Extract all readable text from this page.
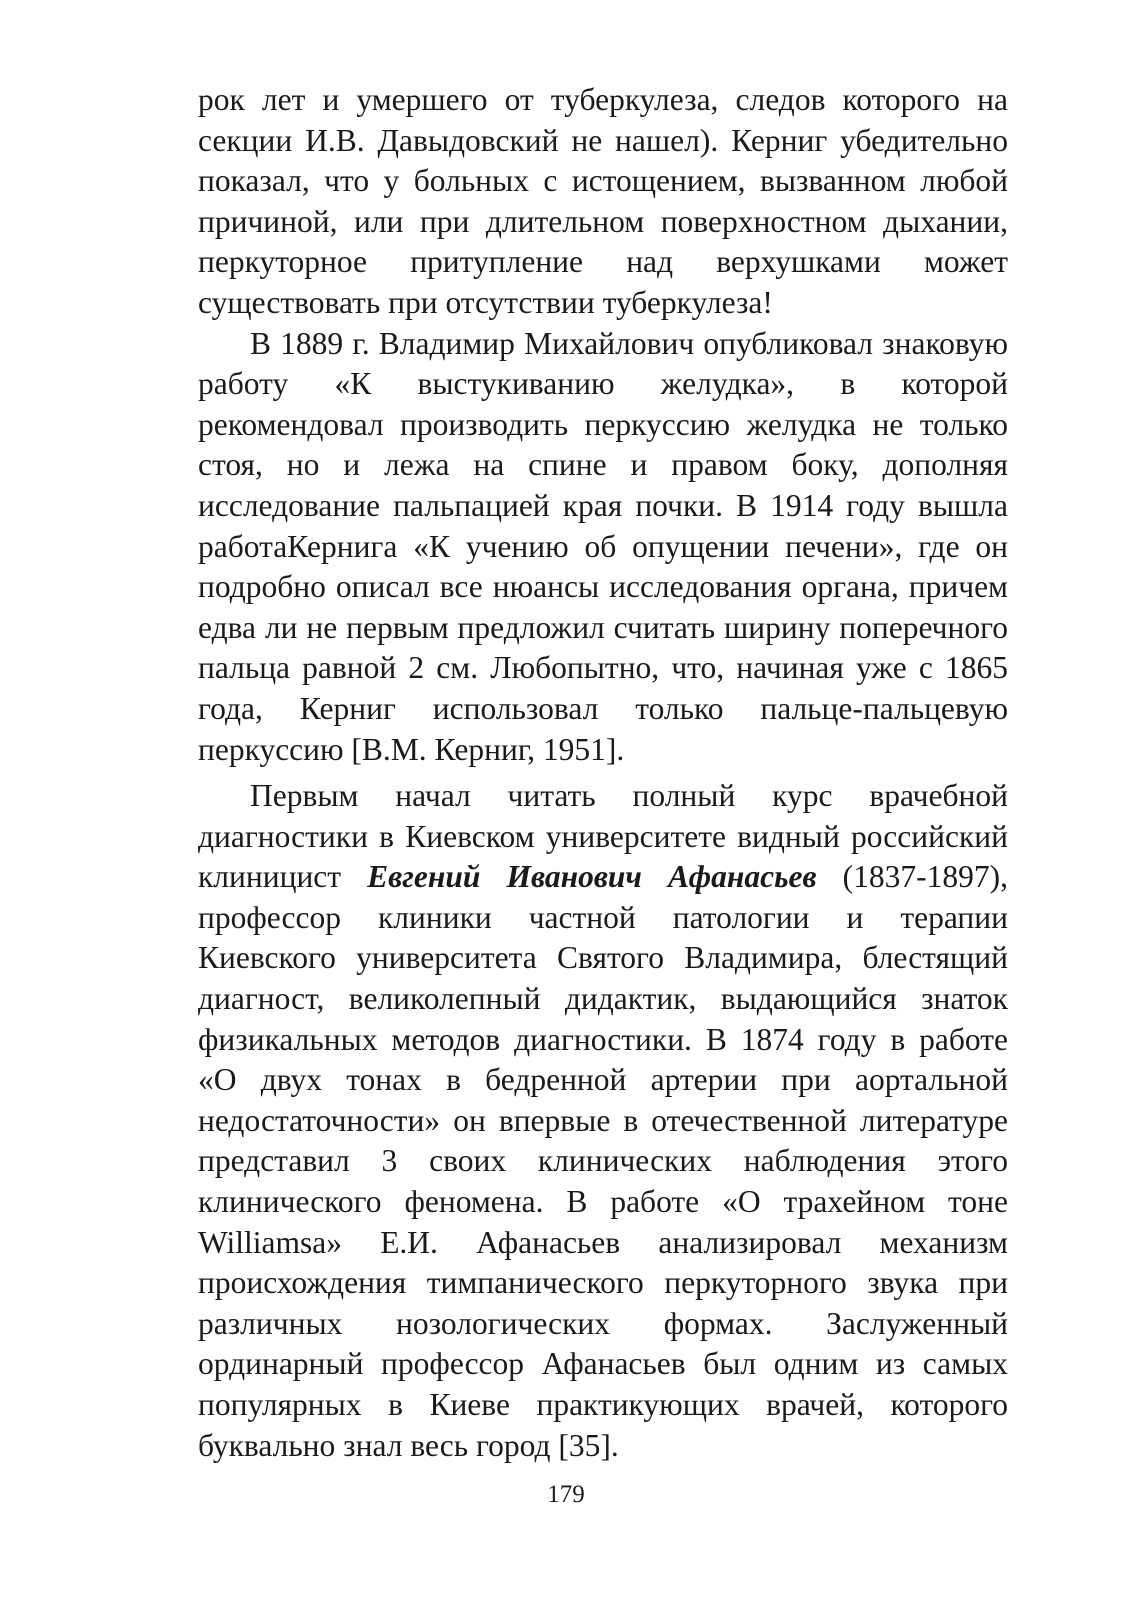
рок лет и умершего от туберкулеза, следов которого на секции И.В. Давыдовский не нашел). Керниг убедительно показал, что у больных с истощением, вызванном любой причиной, или при длительном поверхностном дыхании, перкуторное притупление над верхушками может существовать при отсутствии туберкулеза!

В 1889 г. Владимир Михайлович опубликовал знаковую работу «К выстукиванию желудка», в которой рекомендовал производить перкуссию желудка не только стоя, но и лежа на спине и правом боку, дополняя исследование пальпацией края почки. В 1914 году вышла работаКернига «К учению об опущении печени», где он подробно описал все нюансы исследования органа, причем едва ли не первым предложил считать ширину поперечного пальца равной 2 см. Любопытно, что, начиная уже с 1865 года, Керниг использовал только пальце-пальцевую перкуссию [В.М. Керниг, 1951].

Первым начал читать полный курс врачебной диагностики в Киевском университете видный российский клиницист Евгений Иванович Афанасьев (1837-1897), профессор клиники частной патологии и терапии Киевского университета Святого Владимира, блестящий диагност, великолепный дидактик, выдающийся знаток физикальных методов диагностики. В 1874 году в работе «О двух тонах в бедренной артерии при аортальной недостаточности» он впервые в отечественной литературе представил 3 своих клинических наблюдения этого клинического феномена. В работе «О трахейном тоне Williamsa» Е.И. Афанасьев анализировал механизм происхождения тимпанического перкуторного звука при различных нозологических формах. Заслуженный ординарный профессор Афанасьев был одним из самых популярных в Киеве практикующих врачей, которого буквально знал весь город [35].

179
